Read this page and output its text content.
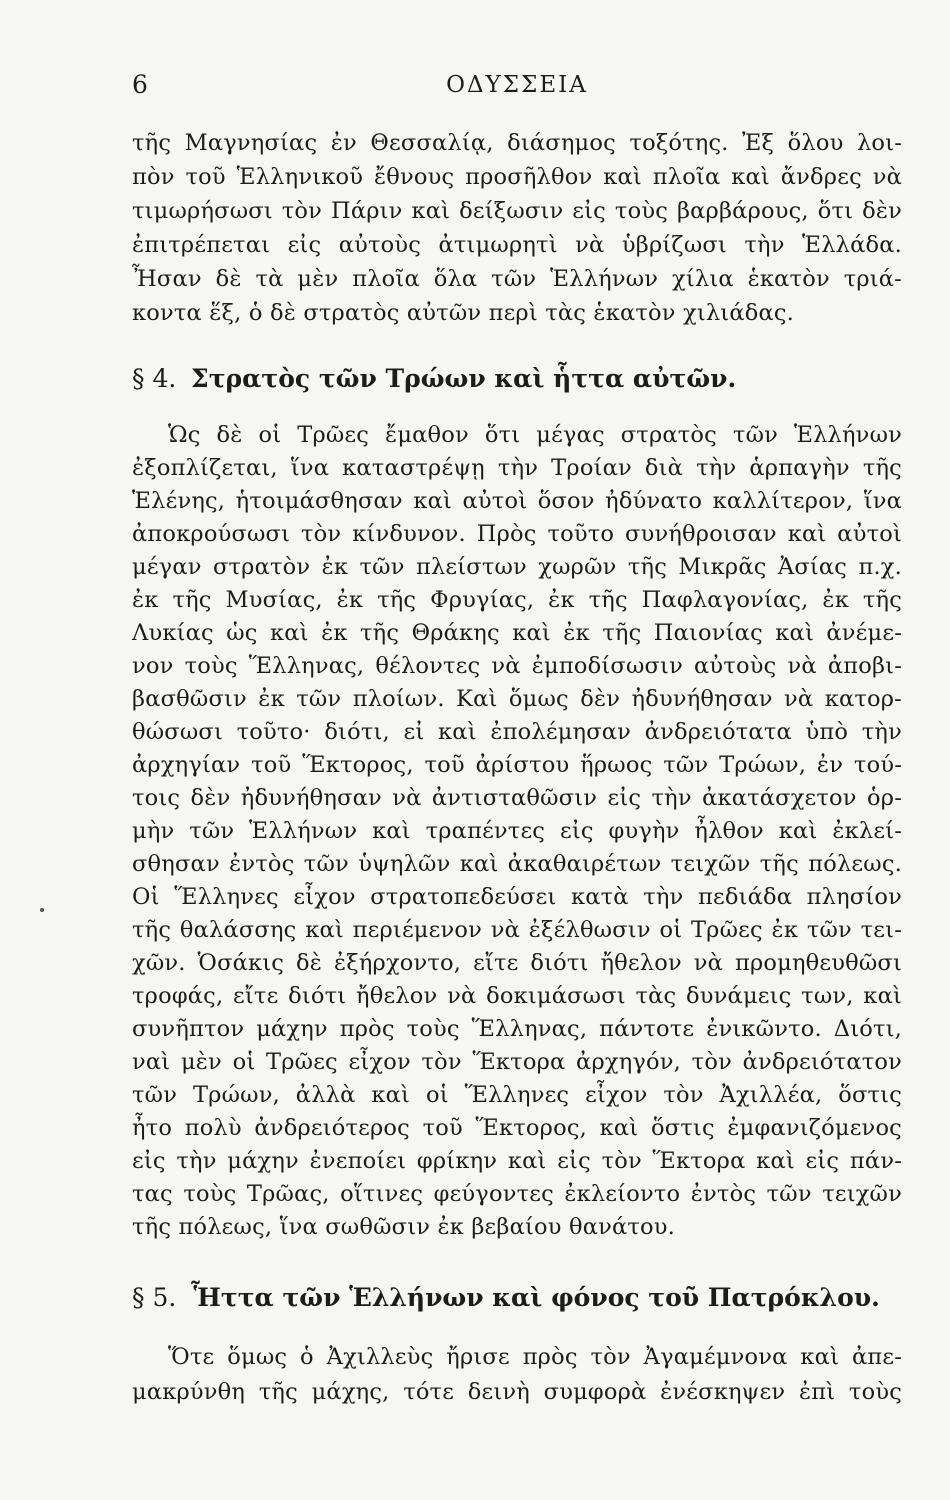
6	ΟΔΥΣΣΕΙΑ
τῆς Μαγνησίας ἐν Θεσσαλίᾳ, διάσημος τοξότης. Ἐξ ὅλου λοι-
πὸν τοῦ Ἑλληνικοῦ ἔθνους προσῆλθον καὶ πλοῖα καὶ ἄνδρες νὰ
τιμωρήσωσι τὸν Πάριν καὶ δείξωσιν εἰς τοὺς βαρβάρους, ὅτι δὲν
ἐπιτρέπεται εἰς αὐτοὺς ἀτιμωρητὶ νὰ ὑβρίζωσι τὴν Ἑλλάδα.
Ἦσαν δὲ τὰ μὲν πλοῖα ὅλα τῶν Ἑλλήνων χίλια ἑκατὸν τριά-
κοντα ἕξ, ὁ δὲ στρατὸς αὐτῶν περὶ τὰς ἑκατὸν χιλιάδας.
§ 4. Στρατὸς τῶν Τρώων καὶ ἧττα αὐτῶν.
Ὡς δὲ οἱ Τρῶες ἔμαθον ὅτι μέγας στρατὸς τῶν Ἑλλήνων
ἐξοπλίζεται, ἵνα καταστρέψῃ τὴν Τροίαν διὰ τὴν ἁρπαγὴν τῆς
Ἑλένης, ἡτοιμάσθησαν καὶ αὐτοὶ ὅσον ἠδύνατο καλλίτερον, ἵνα
ἀποκρούσωσι τὸν κίνδυνον. Πρὸς τοῦτο συνήθροισαν καὶ αὐτοὶ
μέγαν στρατὸν ἐκ τῶν πλείστων χωρῶν τῆς Μικρᾶς Ἀσίας π.χ.
ἐκ τῆς Μυσίας, ἐκ τῆς Φρυγίας, ἐκ τῆς Παφλαγονίας, ἐκ τῆς
Λυκίας ὡς καὶ ἐκ τῆς Θράκης καὶ ἐκ τῆς Παιονίας καὶ ἀνέμε-
νον τοὺς Ἕλληνας, θέλοντες νὰ ἐμποδίσωσιν αὐτοὺς νὰ ἀποβι-
βασθῶσιν ἐκ τῶν πλοίων. Καὶ ὅμως δὲν ἠδυνήθησαν νὰ κατορ-
θώσωσι τοῦτο· διότι, εἰ καὶ ἐπολέμησαν ἀνδρειότατα ὑπὸ τὴν
ἀρχηγίαν τοῦ Ἕκτορος, τοῦ ἀρίστου ἥρωος τῶν Τρώων, ἐν τού-
τοις δὲν ἠδυνήθησαν νὰ ἀντισταθῶσιν εἰς τὴν ἀκατάσχετον ὁρ-
μὴν τῶν Ἑλλήνων καὶ τραπέντες εἰς φυγὴν ἦλθον καὶ ἐκλεί-
σθησαν ἐντὸς τῶν ὑψηλῶν καὶ ἀκαθαιρέτων τειχῶν τῆς πόλεως.
Οἱ Ἕλληνες εἶχον στρατοπεδεύσει κατὰ τὴν πεδιάδα πλησίον
τῆς θαλάσσης καὶ περιέμενον νὰ ἐξέλθωσιν οἱ Τρῶες ἐκ τῶν τει-
χῶν. Ὁσάκις δὲ ἐξήρχοντο, εἴτε διότι ἤθελον νὰ προμηθευθῶσι
τροφάς, εἴτε διότι ἤθελον νὰ δοκιμάσωσι τὰς δυνάμεις των, καὶ
συνῆπτον μάχην πρὸς τοὺς Ἕλληνας, πάντοτε ἐνικῶντο. Διότι,
ναὶ μὲν οἱ Τρῶες εἶχον τὸν Ἕκτορα ἀρχηγόν, τὸν ἀνδρειότατον
τῶν Τρώων, ἀλλὰ καὶ οἱ Ἕλληνες εἶχον τὸν Ἀχιλλέα, ὅστις
ἦτο πολὺ ἀνδρειότερος τοῦ Ἕκτορος, καὶ ὅστις ἐμφανιζόμενος
εἰς τὴν μάχην ἐνεποίει φρίκην καὶ εἰς τὸν Ἕκτορα καὶ εἰς πάν-
τας τοὺς Τρῶας, οἵτινες φεύγοντες ἐκλείοντο ἐντὸς τῶν τειχῶν
τῆς πόλεως, ἵνα σωθῶσιν ἐκ βεβαίου θανάτου.
§ 5. Ἧττα τῶν Ἑλλήνων καὶ φόνος τοῦ Πατρόκλου.
Ὅτε ὅμως ὁ Ἀχιλλεὺς ἤρισε πρὸς τὸν Ἀγαμέμνονα καὶ ἀπε-
μακρύνθη τῆς μάχης, τότε δεινὴ συμφορὰ ἐνέσκηψεν ἐπὶ τοὺς
